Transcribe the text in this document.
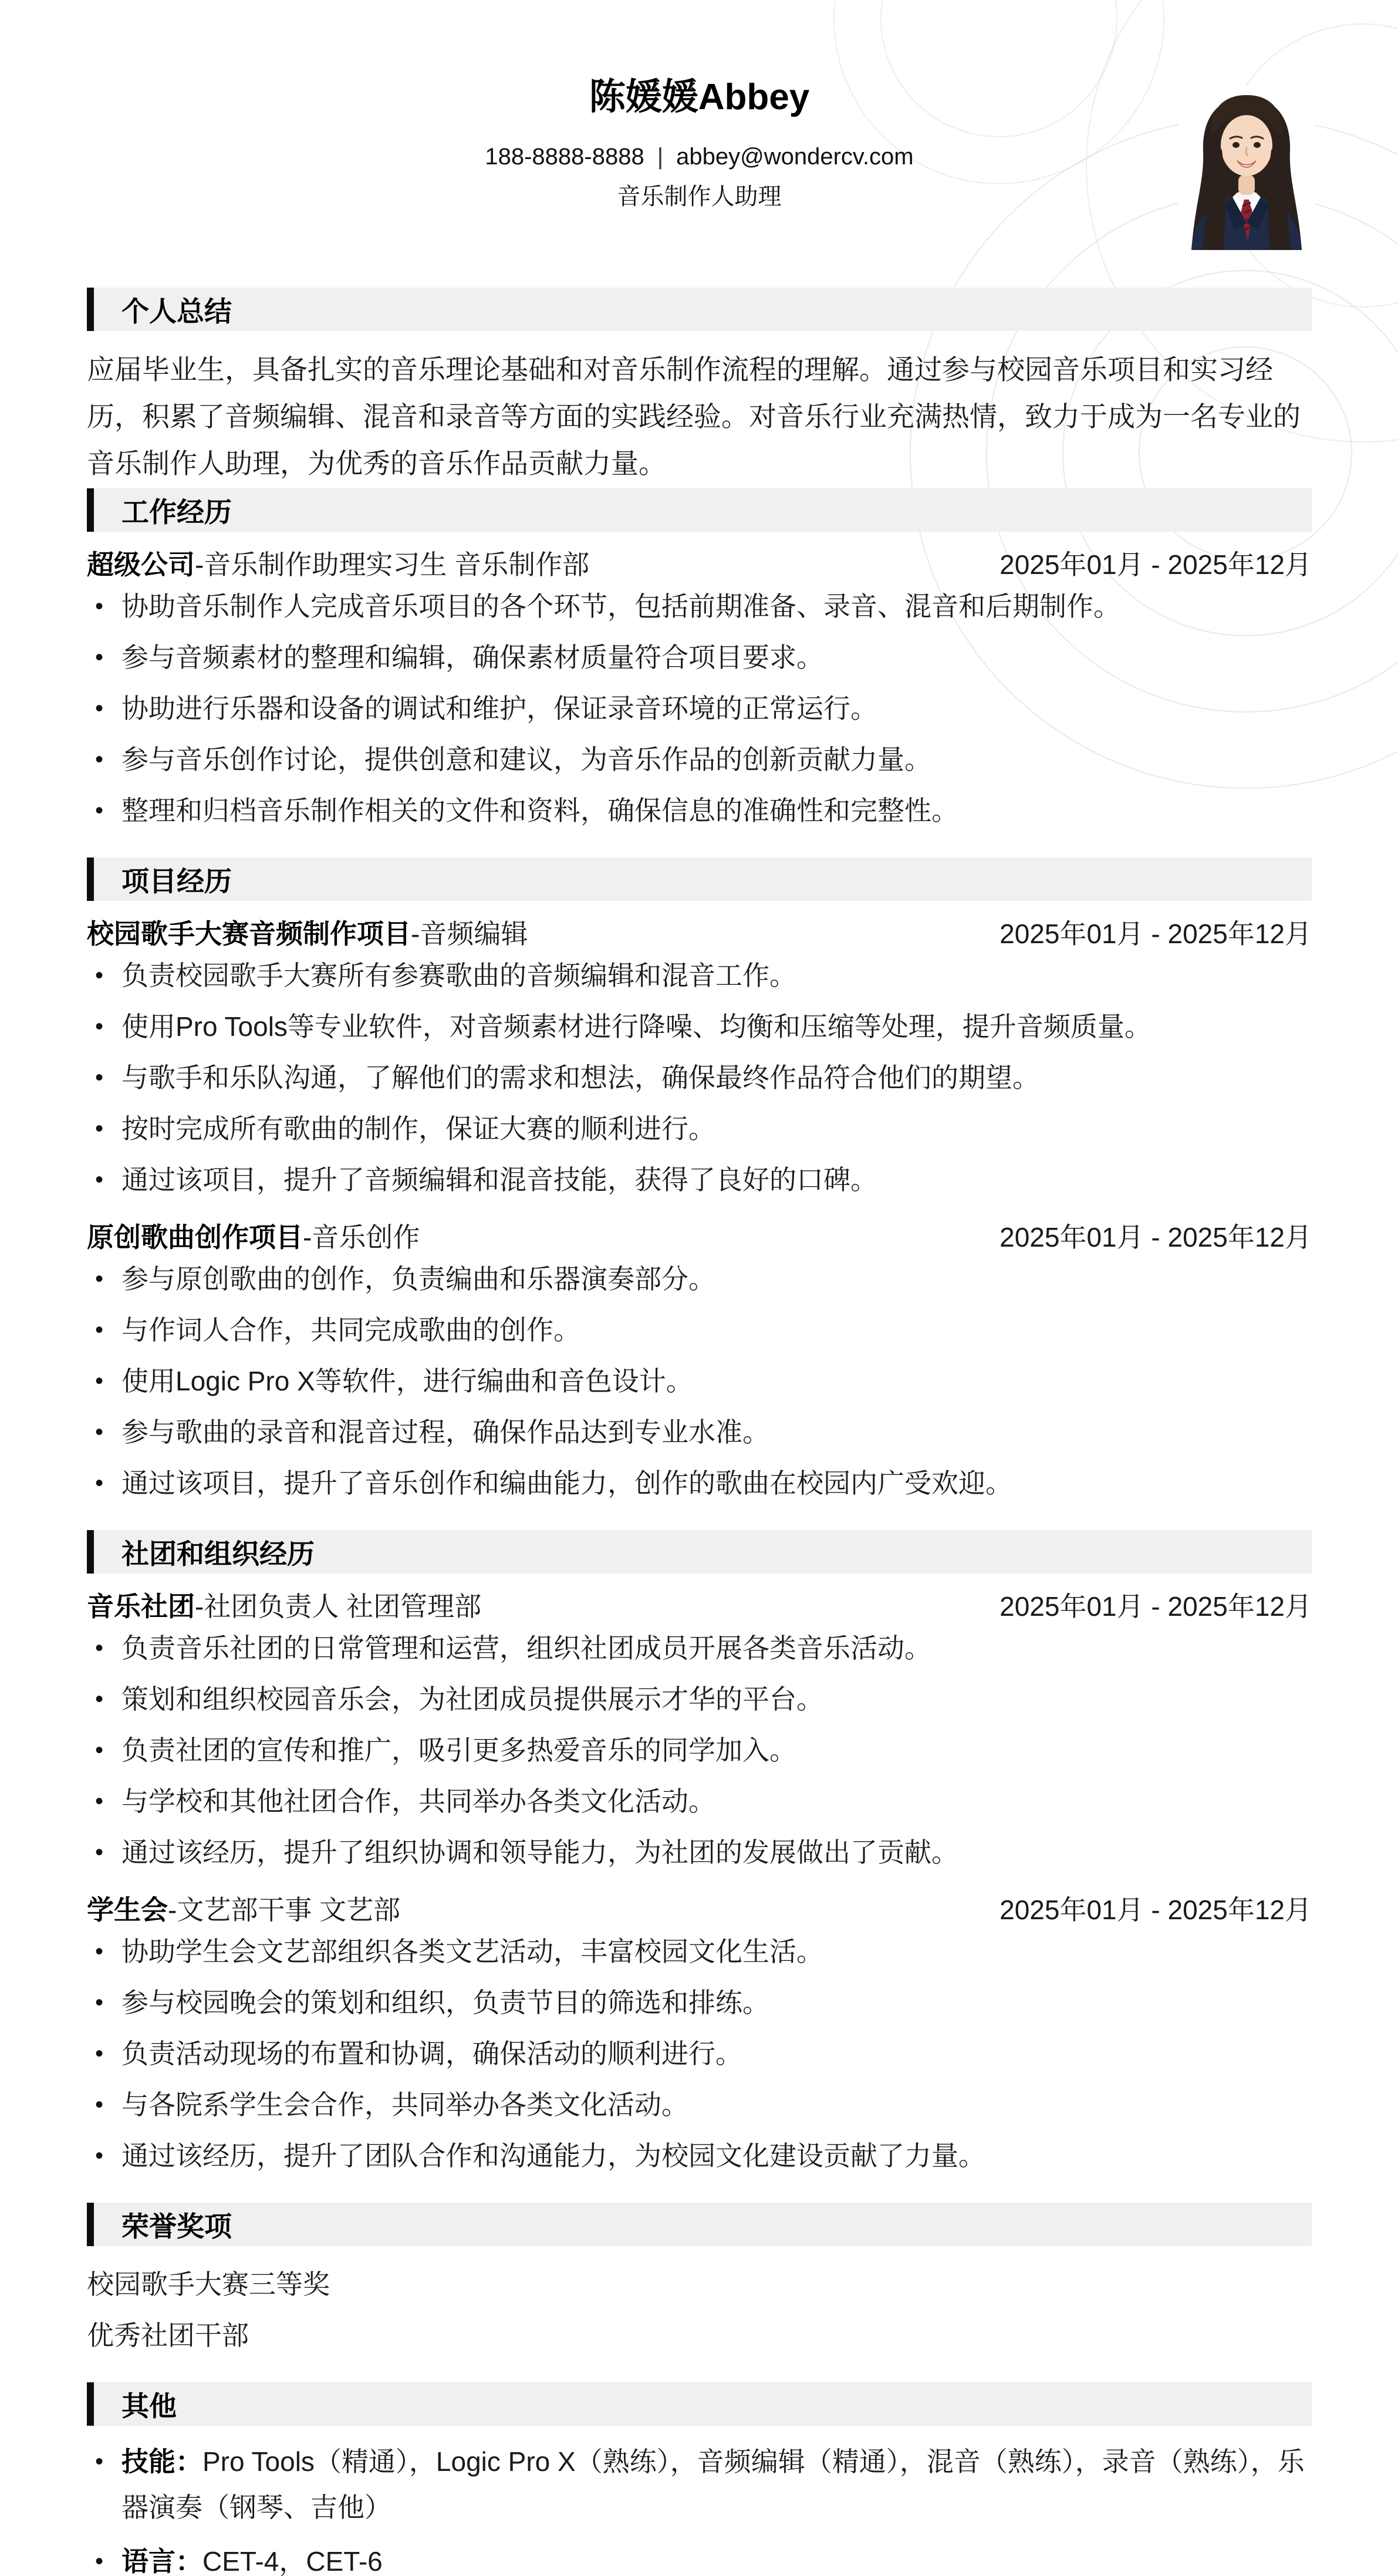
陈媛媛Abbey
188-8888-8888 | abbey@wondercv.com
音乐制作人助理
个人总结
应届毕业生，具备扎实的音乐理论基础和对音乐制作流程的理解。通过参与校园音乐项目和实习经历，积累了音频编辑、混音和录音等方面的实践经验。对音乐行业充满热情，致力于成为一名专业的音乐制作人助理，为优秀的音乐作品贡献力量。
工作经历
超级公司-音乐制作助理实习生 音乐制作部	2025年01月 - 2025年12月
• 协助音乐制作人完成音乐项目的各个环节，包括前期准备、录音、混音和后期制作。
• 参与音频素材的整理和编辑，确保素材质量符合项目要求。
• 协助进行乐器和设备的调试和维护，保证录音环境的正常运行。
• 参与音乐创作讨论，提供创意和建议，为音乐作品的创新贡献力量。
• 整理和归档音乐制作相关的文件和资料，确保信息的准确性和完整性。
项目经历
校园歌手大赛音频制作项目-音频编辑	2025年01月 - 2025年12月
• 负责校园歌手大赛所有参赛歌曲的音频编辑和混音工作。
• 使用Pro Tools等专业软件，对音频素材进行降噪、均衡和压缩等处理，提升音频质量。
• 与歌手和乐队沟通，了解他们的需求和想法，确保最终作品符合他们的期望。
• 按时完成所有歌曲的制作，保证大赛的顺利进行。
• 通过该项目，提升了音频编辑和混音技能，获得了良好的口碑。
原创歌曲创作项目-音乐创作	2025年01月 - 2025年12月
• 参与原创歌曲的创作，负责编曲和乐器演奏部分。
• 与作词人合作，共同完成歌曲的创作。
• 使用Logic Pro X等软件，进行编曲和音色设计。
• 参与歌曲的录音和混音过程，确保作品达到专业水准。
• 通过该项目，提升了音乐创作和编曲能力，创作的歌曲在校园内广受欢迎。
社团和组织经历
音乐社团-社团负责人 社团管理部	2025年01月 - 2025年12月
• 负责音乐社团的日常管理和运营，组织社团成员开展各类音乐活动。
• 策划和组织校园音乐会，为社团成员提供展示才华的平台。
• 负责社团的宣传和推广，吸引更多热爱音乐的同学加入。
• 与学校和其他社团合作，共同举办各类文化活动。
• 通过该经历，提升了组织协调和领导能力，为社团的发展做出了贡献。
学生会-文艺部干事 文艺部	2025年01月 - 2025年12月
• 协助学生会文艺部组织各类文艺活动，丰富校园文化生活。
• 参与校园晚会的策划和组织，负责节目的筛选和排练。
• 负责活动现场的布置和协调，确保活动的顺利进行。
• 与各院系学生会合作，共同举办各类文化活动。
• 通过该经历，提升了团队合作和沟通能力，为校园文化建设贡献了力量。
荣誉奖项
校园歌手大赛三等奖
优秀社团干部
其他
• 技能：Pro Tools（精通），Logic Pro X（熟练），音频编辑（精通），混音（熟练），录音（熟练），乐器演奏（钢琴、吉他）
• 语言：CET-4，CET-6
